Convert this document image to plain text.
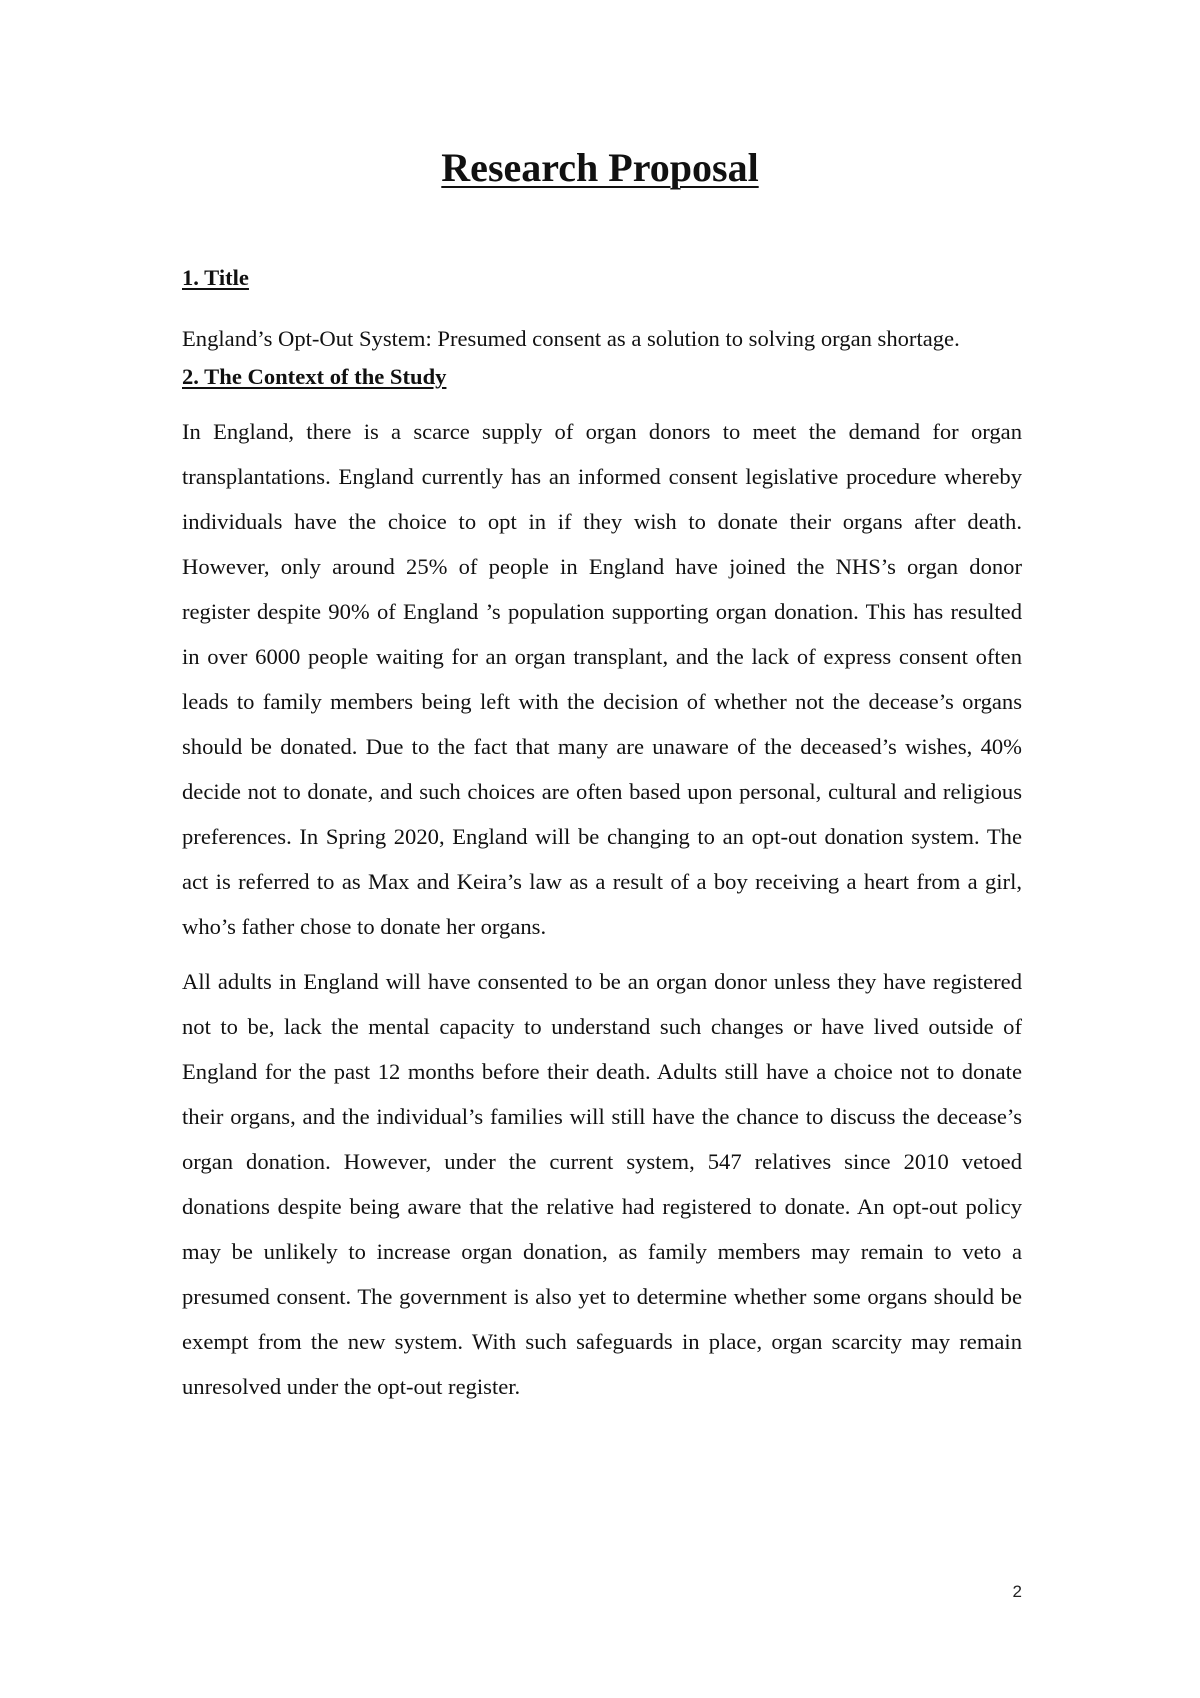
Research Proposal
1. Title

England’s Opt-Out System: Presumed consent as a solution to solving organ shortage.

2. The Context of the Study

In England, there is a scarce supply of organ donors to meet the demand for organ transplantations. England currently has an informed consent legislative procedure whereby individuals have the choice to opt in if they wish to donate their organs after death. However, only around 25% of people in England have joined the NHS’s organ donor register despite 90% of England ’s population supporting organ donation. This has resulted in over 6000 people waiting for an organ transplant, and the lack of express consent often leads to family members being left with the decision of whether not the decease’s organs should be donated. Due to the fact that many are unaware of the deceased’s wishes, 40% decide not to donate, and such choices are often based upon personal, cultural and religious preferences. In Spring 2020, England will be changing to an opt-out donation system. The act is referred to as Max and Keira’s law as a result of a boy receiving a heart from a girl, who’s father chose to donate her organs.

All adults in England will have consented to be an organ donor unless they have registered not to be, lack the mental capacity to understand such changes or have lived outside of England for the past 12 months before their death. Adults still have a choice not to donate their organs, and the individual’s families will still have the chance to discuss the decease’s organ donation. However, under the current system, 547 relatives since 2010 vetoed donations despite being aware that the relative had registered to donate. An opt-out policy may be unlikely to increase organ donation, as family members may remain to veto a presumed consent. The government is also yet to determine whether some organs should be exempt from the new system. With such safeguards in place, organ scarcity may remain unresolved under the opt-out register.

2
